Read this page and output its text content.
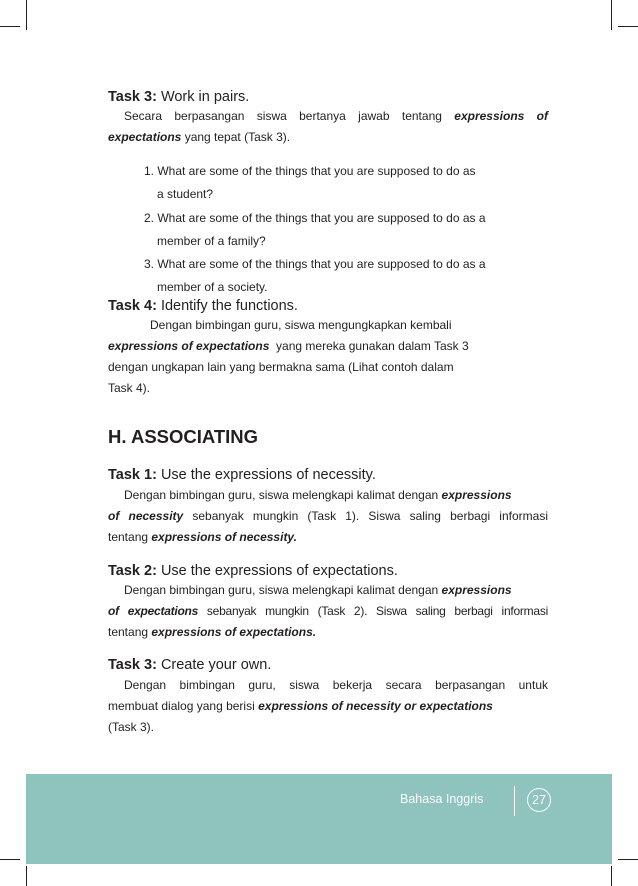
Task 3: Work in pairs.
Secara berpasangan siswa bertanya jawab tentang expressions of
expectations yang tepat (Task 3).
1. What are some of the things that you are supposed to do as
a student?
2. What are some of the things that you are supposed to do as a
member of a family?
3. What are some of the things that you are supposed to do as a
member of a society.
Task 4: Identify the functions.
Dengan bimbingan guru, siswa mengungkapkan kembali
expressions of expectations  yang mereka gunakan dalam Task 3
dengan ungkapan lain yang bermakna sama (Lihat contoh dalam
Task 4).
H. ASSOCIATING
Task 1: Use the expressions of necessity.
Dengan bimbingan guru, siswa melengkapi kalimat dengan expressions
of necessity sebanyak mungkin (Task 1). Siswa saling berbagi informasi
tentang expressions of necessity.
Task 2: Use the expressions of expectations.
Dengan bimbingan guru, siswa melengkapi kalimat dengan expressions
of expectations sebanyak mungkin (Task 2). Siswa saling berbagi informasi
tentang expressions of expectations.
Task 3: Create your own.
Dengan bimbingan guru, siswa bekerja secara berpasangan untuk
membuat dialog yang berisi expressions of necessity or expectations
(Task 3).
Bahasa Inggris	27
